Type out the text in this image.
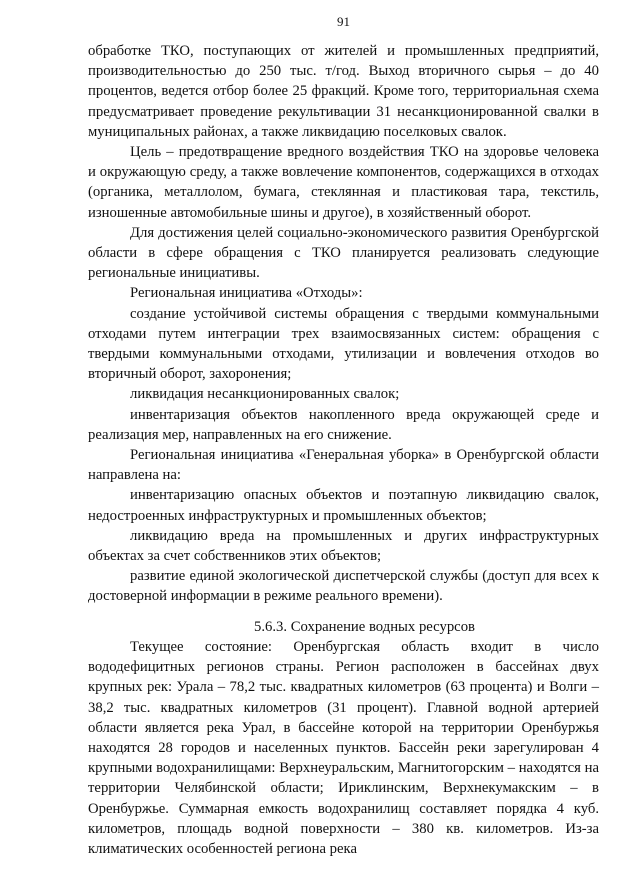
91

обработке ТКО, поступающих от жителей и промышленных предприятий, производительностью до 250 тыс. т/год. Выход вторичного сырья – до 40 процентов, ведется отбор более 25 фракций. Кроме того, территориальная схема предусматривает проведение рекультивации 31 несанкционированной свалки в муниципальных районах, а также ликвидацию поселковых свалок.

Цель – предотвращение вредного воздействия ТКО на здоровье человека и окружающую среду, а также вовлечение компонентов, содержащихся в отходах (органика, металлолом, бумага, стеклянная и пластиковая тара, текстиль, изношенные автомобильные шины и другое), в хозяйственный оборот.

Для достижения целей социально-экономического развития Оренбургской области в сфере обращения с ТКО планируется реализовать следующие региональные инициативы.

Региональная инициатива «Отходы»:

создание устойчивой системы обращения с твердыми коммунальными отходами путем интеграции трех взаимосвязанных систем: обращения с твердыми коммунальными отходами, утилизации и вовлечения отходов во вторичный оборот, захоронения;

ликвидация несанкционированных свалок;

инвентаризация объектов накопленного вреда окружающей среде и реализация мер, направленных на его снижение.

Региональная инициатива «Генеральная уборка» в Оренбургской области направлена на:

инвентаризацию опасных объектов и поэтапную ликвидацию свалок, недостроенных инфраструктурных и промышленных объектов;

ликвидацию вреда на промышленных и других инфраструктурных объектах за счет собственников этих объектов;

развитие единой экологической диспетчерской службы (доступ для всех к достоверной информации в режиме реального времени).

5.6.3. Сохранение водных ресурсов

Текущее состояние: Оренбургская область входит в число вододефицитных регионов страны. Регион расположен в бассейнах двух крупных рек: Урала – 78,2 тыс. квадратных километров (63 процента) и Волги – 38,2 тыс. квадратных километров (31 процент). Главной водной артерией области является река Урал, в бассейне которой на территории Оренбуржья находятся 28 городов и населенных пунктов. Бассейн реки зарегулирован 4 крупными водохранилищами: Верхнеуральским, Магнитогорским – находятся на территории Челябинской области; Ириклинским, Верхнекумакским – в Оренбуржье. Суммарная емкость водохранилищ составляет порядка 4 куб. километров, площадь водной поверхности – 380 кв. километров. Из-за климатических особенностей региона река
